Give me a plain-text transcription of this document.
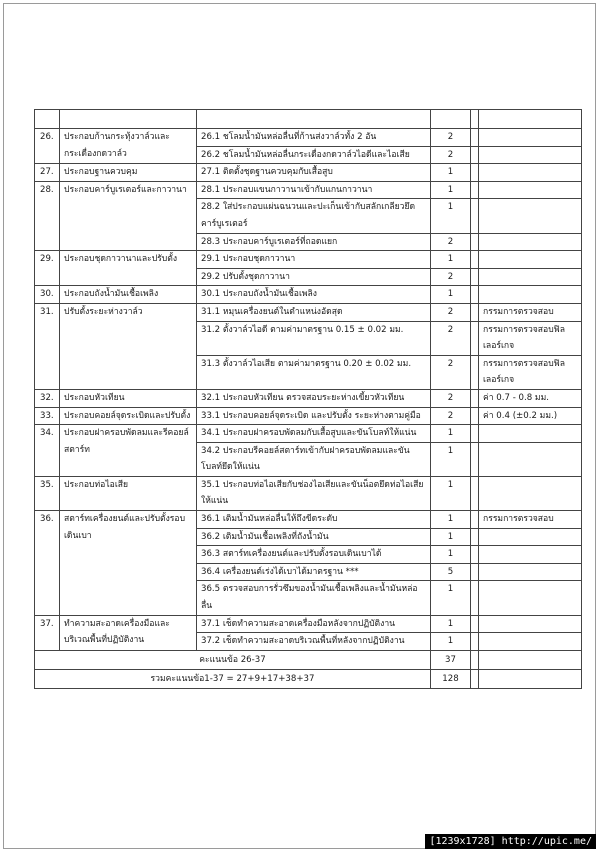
26.	ประกอบก้านกระทุ้งวาล์วและกระเดื่องกดวาล์ว	26.1 ชโลมน้ำมันหล่อลื่นที่ก้านส่งวาล์วทั้ง 2 อัน	2		
		26.2 ชโลมน้ำมันหล่อลื่นกระเดื่องกดวาล์วไอดีและไอเสีย	2		
27.	ประกอบฐานควบคุม	27.1 ติดตั้งชุดฐานควบคุมกับเสื้อสูบ	1		
28.	ประกอบคาร์บูเรเตอร์และกาวานา	28.1 ประกอบแขนกาวานาเข้ากับแกนกาวานา	1		
		28.2 ใส่ประกอบแผ่นฉนวนและปะเก็นเข้ากับสลักเกลียวยึดคาร์บูเรเตอร์	1		
		28.3 ประกอบคาร์บูเรเตอร์ที่ถอดแยก	2		
29.	ประกอบชุดกาวานาและปรับตั้ง	29.1 ประกอบชุดกาวานา	1		
		29.2 ปรับตั้งชุดกาวานา	2		
30.	ประกอบถังน้ำมันเชื้อเพลิง	30.1 ประกอบถังน้ำมันเชื้อเพลิง	1		
31.	ปรับตั้งระยะห่างวาล์ว	31.1 หมุนเครื่องยนต์ในตำแหน่งอัดสุด	2		กรรมการตรวจสอบ
		31.2 ตั้งวาล์วไอดี ตามค่ามาตรฐาน 0.15 ± 0.02 มม.	2		กรรมการตรวจสอบฟิลเลอร์เกจ
		31.3 ตั้งวาล์วไอเสีย ตามค่ามาตรฐาน 0.20 ± 0.02 มม.	2		กรรมการตรวจสอบฟิลเลอร์เกจ
32.	ประกอบหัวเทียน	32.1 ประกอบหัวเทียน ตรวจสอบระยะห่างเขี้ยวหัวเทียน	2		ค่า 0.7 - 0.8 มม.
33.	ประกอบคอยล์จุดระเบิดและปรับตั้ง	33.1 ประกอบคอยล์จุดระเบิด และปรับตั้ง ระยะห่างตามคู่มือ	2		ค่า 0.4 (±0.2 มม.)
34.	ประกอบฝาครอบพัดลมและรีคอยล์สตาร์ท	34.1 ประกอบฝาครอบพัดลมกับเสื้อสูบและขันโบลท์ให้แน่น	1		
		34.2 ประกอบรีคอยล์สตาร์ทเข้ากับฝาครอบพัดลมและขันโบลท์ยึดให้แน่น	1		
35.	ประกอบท่อไอเสีย	35.1 ประกอบท่อไอเสียกับช่องไอเสียและขันน็อตยึดท่อไอเสียให้แน่น	1		
36.	สตาร์ทเครื่องยนต์และปรับตั้งรอบเดินเบา	36.1 เติมน้ำมันหล่อลื่นให้ถึงขีดระดับ	1		กรรมการตรวจสอบ
		36.2 เติมน้ำมันเชื้อเพลิงที่ถังน้ำมัน	1		
		36.3 สตาร์ทเครื่องยนต์และปรับตั้งรอบเดินเบาได้	1		
		36.4 เครื่องยนต์เร่งได้เบาได้มาตรฐาน ***	5		
		36.5 ตรวจสอบการรั่วซึมของน้ำมันเชื้อเพลิงและน้ำมันหล่อลื่น	1		
37.	ทำความสะอาดเครื่องมือและบริเวณพื้นที่ปฏิบัติงาน	37.1 เช็ดทำความสะอาดเครื่องมือหลังจากปฏิบัติงาน	1		
		37.2 เช็ดทำความสะอาดบริเวณพื้นที่หลังจากปฏิบัติงาน	1		
คะแนนข้อ 26-37			37		
รวมคะแนนข้อ1-37 = 27+9+17+38+37			128		
[1239x1728] http://upic.me/
